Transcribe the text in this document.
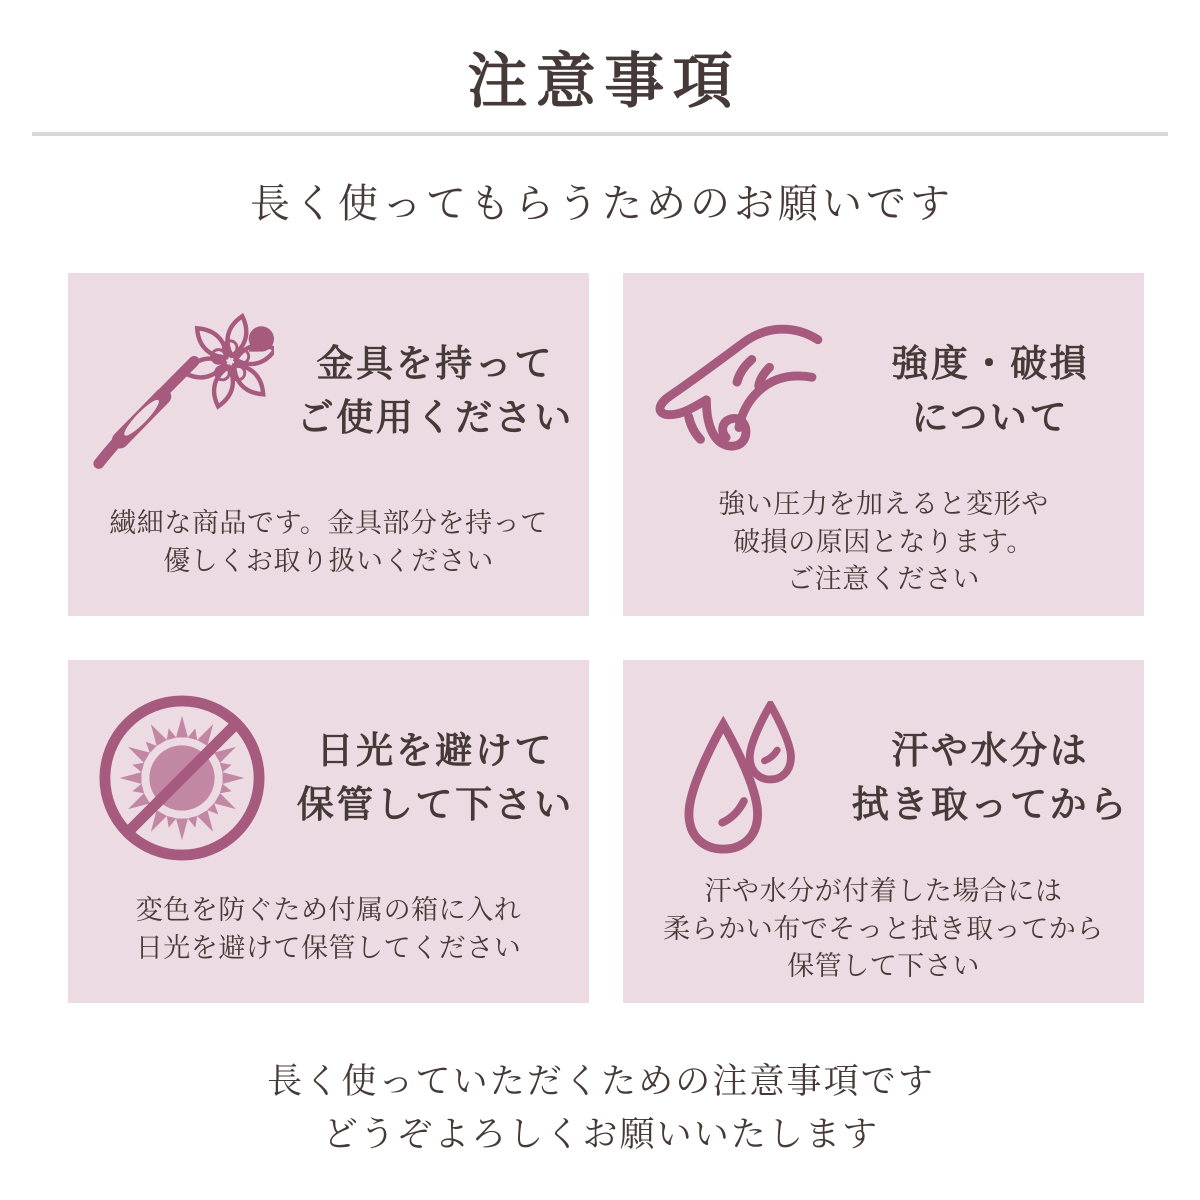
注意事項
長く使ってもらうためのお願いです
金具を持って
ご使用ください
繊細な商品です。金具部分を持って
優しくお取り扱いください
強度・破損
について
強い圧力を加えると変形や
破損の原因となります。
ご注意ください
日光を避けて
保管して下さい
変色を防ぐため付属の箱に入れ
日光を避けて保管してください
汗や水分は
拭き取ってから
汗や水分が付着した場合には
柔らかい布でそっと拭き取ってから
保管して下さい
長く使っていただくための注意事項です
どうぞよろしくお願いいたします
